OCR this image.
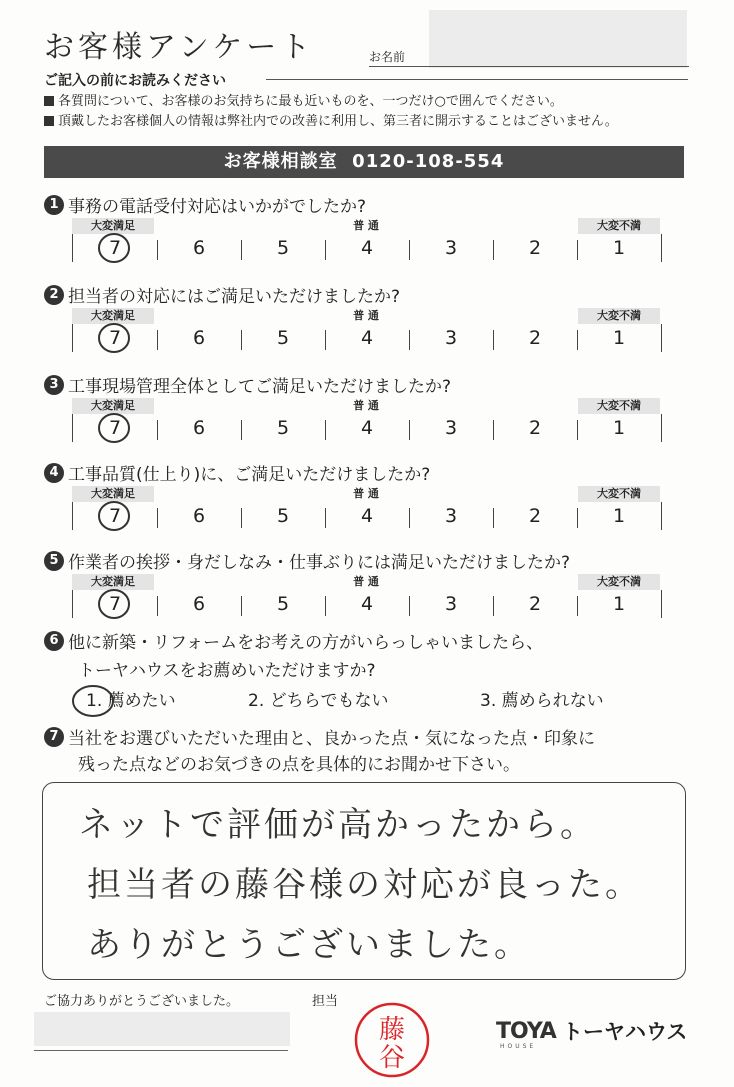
お客様アンケート	お名前
ご記入の前にお読みください
各質問について、お客様のお気持ちに最も近いものを、一つだけ○で囲んでください。
頂戴したお客様個人の情報は弊社内での改善に利用し、第三者に開示することはございません。
お客様相談室 0120-108-554
1 事務の電話受付対応はいかがでしたか?
大変満足	普 通	大変不満
7	6	5	4	3	2	1
2 担当者の対応にはご満足いただけましたか?
大変満足	普 通	大変不満
7	6	5	4	3	2	1
3 工事現場管理全体としてご満足いただけましたか?
大変満足	普 通	大変不満
7	6	5	4	3	2	1
4 工事品質(仕上り)に、ご満足いただけましたか?
大変満足	普 通	大変不満
7	6	5	4	3	2	1
5 作業者の挨拶・身だしなみ・仕事ぶりには満足いただけましたか?
大変満足	普 通	大変不満
7	6	5	4	3	2	1
6 他に新築・リフォームをお考えの方がいらっしゃいましたら、
トーヤハウスをお薦めいただけますか?
1. 薦めたい	2. どちらでもない	3. 薦められない
7 当社をお選びいただいた理由と、良かった点・気になった点・印象に
残った点などのお気づきの点を具体的にお聞かせ下さい。
ネットで評価が高かったから。
担当者の藤谷様の対応が良った。
ありがとうございました。
ご協力ありがとうございました。	担当
藤
谷
TOYA
HOUSE
トーヤハウス
